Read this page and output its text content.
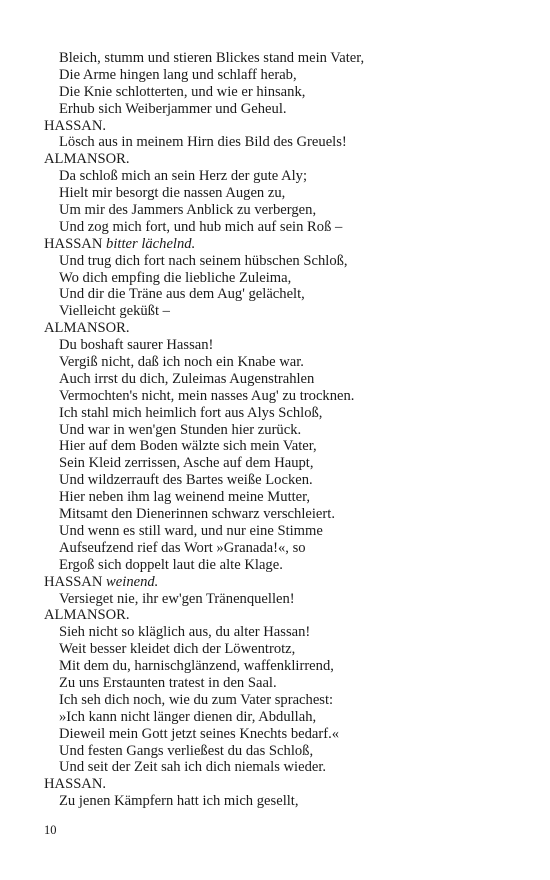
Bleich, stumm und stieren Blickes stand mein Vater,
Die Arme hingen lang und schlaff herab,
Die Knie schlotterten, und wie er hinsank,
Erhub sich Weiberjammer und Geheul.
HASSAN.
Lösch aus in meinem Hirn dies Bild des Greuels!
ALMANSOR.
Da schloß mich an sein Herz der gute Aly;
Hielt mir besorgt die nassen Augen zu,
Um mir des Jammers Anblick zu verbergen,
Und zog mich fort, und hub mich auf sein Roß –
HASSAN bitter lächelnd.
Und trug dich fort nach seinem hübschen Schloß,
Wo dich empfing die liebliche Zuleima,
Und dir die Träne aus dem Aug' gelächelt,
Vielleicht geküßt –
ALMANSOR.
Du boshaft saurer Hassan!
Vergiß nicht, daß ich noch ein Knabe war.
Auch irrst du dich, Zuleimas Augenstrahlen
Vermochten's nicht, mein nasses Aug' zu trocknen.
Ich stahl mich heimlich fort aus Alys Schloß,
Und war in wen'gen Stunden hier zurück.
Hier auf dem Boden wälzte sich mein Vater,
Sein Kleid zerrissen, Asche auf dem Haupt,
Und wildzerrauft des Bartes weiße Locken.
Hier neben ihm lag weinend meine Mutter,
Mitsamt den Dienerinnen schwarz verschleiert.
Und wenn es still ward, und nur eine Stimme
Aufseufzend rief das Wort »Granada!«, so
Ergoß sich doppelt laut die alte Klage.
HASSAN weinend.
Versieget nie, ihr ew'gen Tränenquellen!
ALMANSOR.
Sieh nicht so kläglich aus, du alter Hassan!
Weit besser kleidet dich der Löwentrotz,
Mit dem du, harnischglänzend, waffenklirrend,
Zu uns Erstaunten tratest in den Saal.
Ich seh dich noch, wie du zum Vater sprachest:
»Ich kann nicht länger dienen dir, Abdullah,
Dieweil mein Gott jetzt seines Knechts bedarf.«
Und festen Gangs verließest du das Schloß,
Und seit der Zeit sah ich dich niemals wieder.
HASSAN.
Zu jenen Kämpfern hatt ich mich gesellt,
10
